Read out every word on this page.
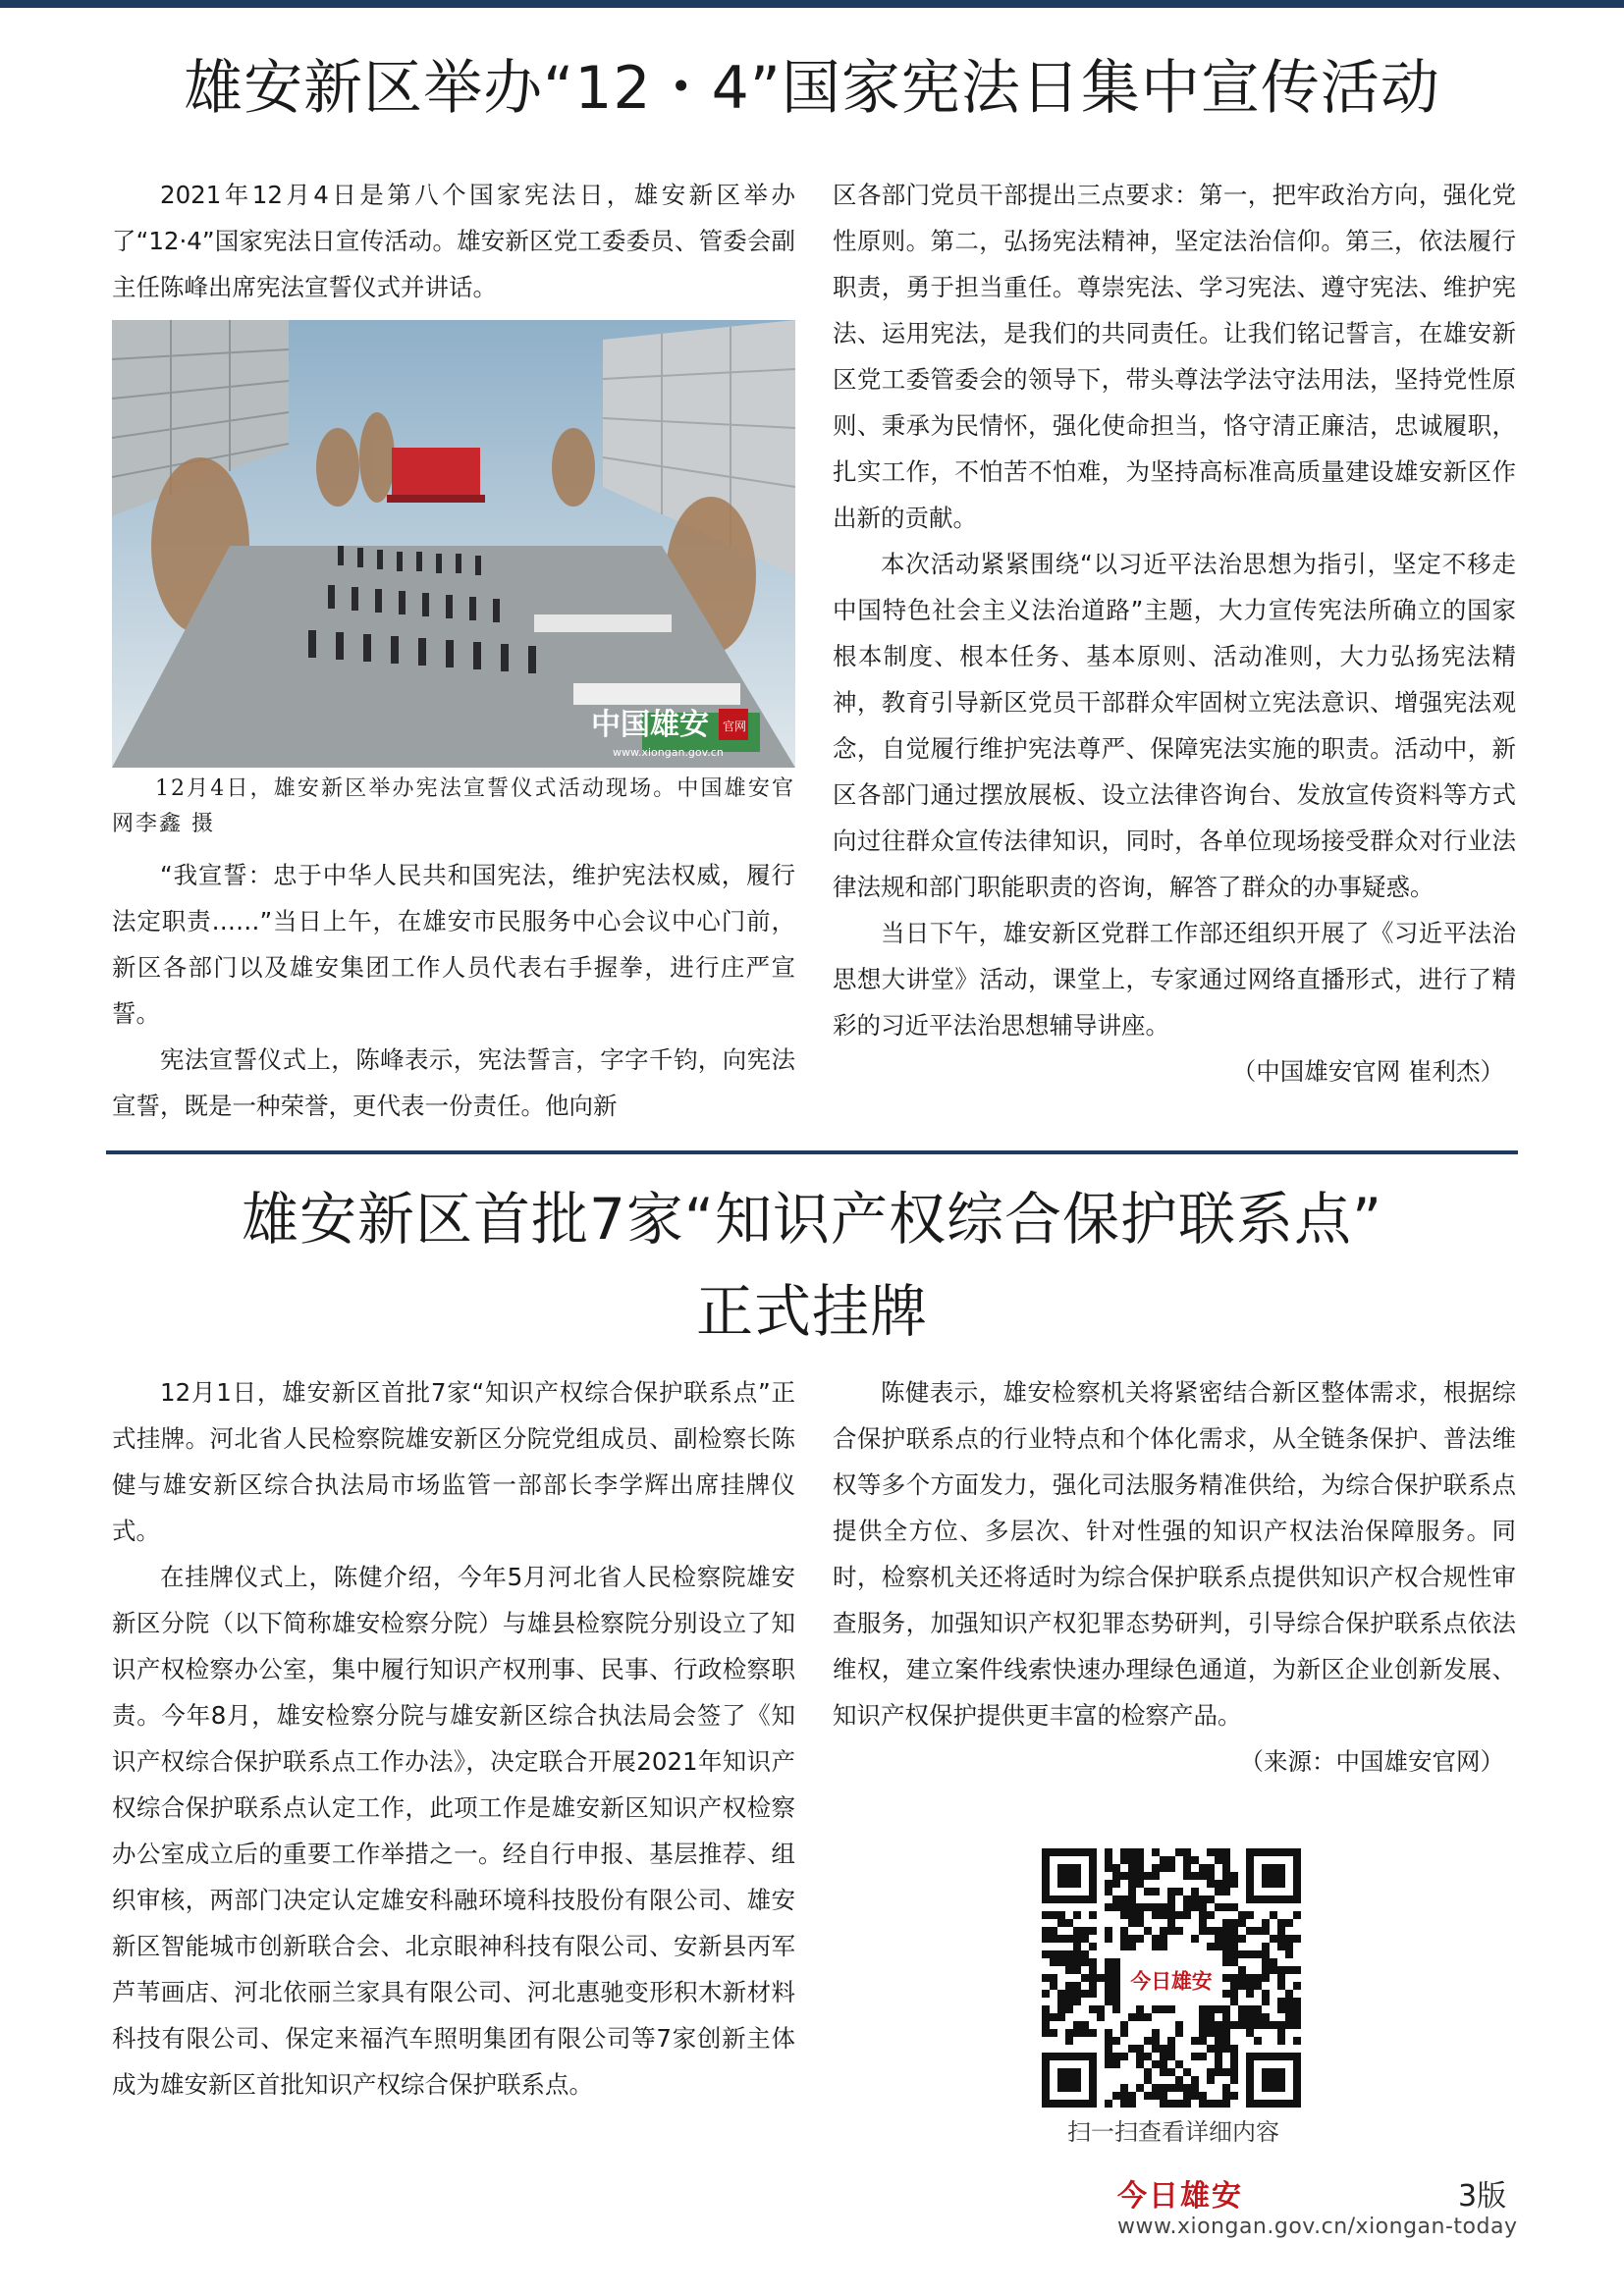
雄安新区举办“12・4”国家宪法日集中宣传活动

2021年12月4日是第八个国家宪法日，雄安新区举办了“12·4”国家宪法日宣传活动。雄安新区党工委委员、管委会副主任陈峰出席宪法宣誓仪式并讲话。

中国雄安 官网
www.xiongan.gov.cn
12月4日，雄安新区举办宪法宣誓仪式活动现场。中国雄安官网李鑫 摄

“我宣誓：忠于中华人民共和国宪法，维护宪法权威，履行法定职责……”当日上午，在雄安市民服务中心会议中心门前，新区各部门以及雄安集团工作人员代表右手握拳，进行庄严宣誓。

宪法宣誓仪式上，陈峰表示，宪法誓言，字字千钧，向宪法宣誓，既是一种荣誉，更代表一份责任。他向新

区各部门党员干部提出三点要求：第一，把牢政治方向，强化党性原则。第二，弘扬宪法精神，坚定法治信仰。第三，依法履行职责，勇于担当重任。尊崇宪法、学习宪法、遵守宪法、维护宪法、运用宪法，是我们的共同责任。让我们铭记誓言，在雄安新区党工委管委会的领导下，带头尊法学法守法用法，坚持党性原则、秉承为民情怀，强化使命担当，恪守清正廉洁，忠诚履职，扎实工作，不怕苦不怕难，为坚持高标准高质量建设雄安新区作出新的贡献。

本次活动紧紧围绕“以习近平法治思想为指引，坚定不移走中国特色社会主义法治道路”主题，大力宣传宪法所确立的国家根本制度、根本任务、基本原则、活动准则，大力弘扬宪法精神，教育引导新区党员干部群众牢固树立宪法意识、增强宪法观念，自觉履行维护宪法尊严、保障宪法实施的职责。活动中，新区各部门通过摆放展板、设立法律咨询台、发放宣传资料等方式向过往群众宣传法律知识，同时，各单位现场接受群众对行业法律法规和部门职能职责的咨询，解答了群众的办事疑惑。

当日下午，雄安新区党群工作部还组织开展了《习近平法治思想大讲堂》活动，课堂上，专家通过网络直播形式，进行了精彩的习近平法治思想辅导讲座。

（中国雄安官网 崔利杰）

雄安新区首批7家“知识产权综合保护联系点”
正式挂牌

12月1日，雄安新区首批7家“知识产权综合保护联系点”正式挂牌。河北省人民检察院雄安新区分院党组成员、副检察长陈健与雄安新区综合执法局市场监管一部部长李学辉出席挂牌仪式。

在挂牌仪式上，陈健介绍，今年5月河北省人民检察院雄安新区分院（以下简称雄安检察分院）与雄县检察院分别设立了知识产权检察办公室，集中履行知识产权刑事、民事、行政检察职责。今年8月，雄安检察分院与雄安新区综合执法局会签了《知识产权综合保护联系点工作办法》，决定联合开展2021年知识产权综合保护联系点认定工作，此项工作是雄安新区知识产权检察办公室成立后的重要工作举措之一。经自行申报、基层推荐、组织审核，两部门决定认定雄安科融环境科技股份有限公司、雄安新区智能城市创新联合会、北京眼神科技有限公司、安新县丙军芦苇画店、河北依丽兰家具有限公司、河北惠驰变形积木新材料科技有限公司、保定来福汽车照明集团有限公司等7家创新主体成为雄安新区首批知识产权综合保护联系点。

陈健表示，雄安检察机关将紧密结合新区整体需求，根据综合保护联系点的行业特点和个体化需求，从全链条保护、普法维权等多个方面发力，强化司法服务精准供给，为综合保护联系点提供全方位、多层次、针对性强的知识产权法治保障服务。同时，检察机关还将适时为综合保护联系点提供知识产权合规性审查服务，加强知识产权犯罪态势研判，引导综合保护联系点依法维权，建立案件线索快速办理绿色通道，为新区企业创新发展、知识产权保护提供更丰富的检察产品。

（来源：中国雄安官网）

今日雄安
扫一扫查看详细内容
今日雄安	3版
www.xiongan.gov.cn/xiongan-today
